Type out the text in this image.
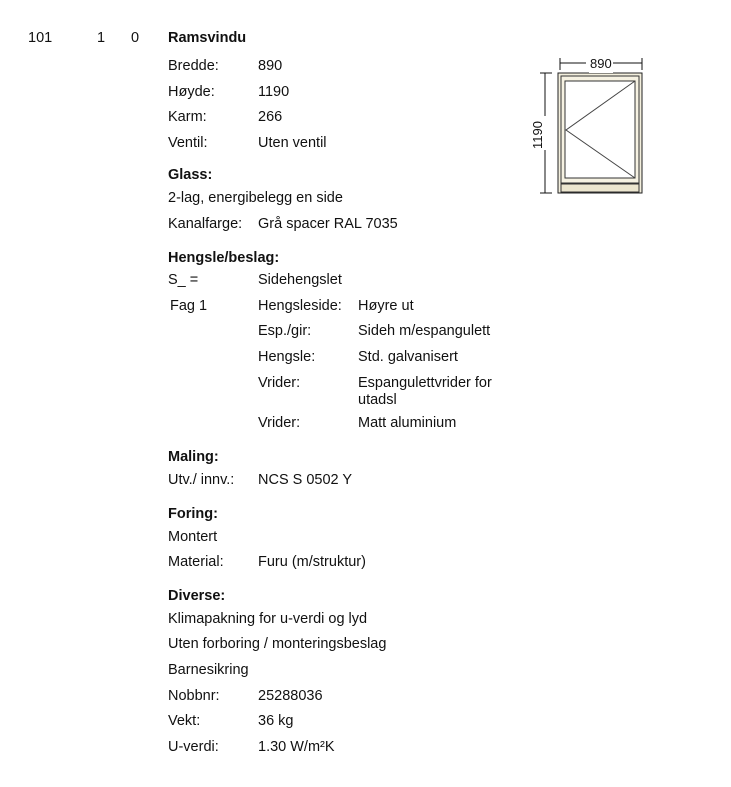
101	1 0 Ramsvindu
Bredde:	890
Høyde:	1190
Karm:	266
Ventil:	Uten ventil
Glass:
2-lag, energibelegg en side
Kanalfarge: Grå spacer RAL 7035
Hengsle/beslag:
S_ =	Sidehengslet
Fag 1	Hengsleside: Høyre ut
Esp./gir:	Sideh m/espangulett
Hengsle:	Std. galvanisert
Vrider:	Espangulettvrider for
utadsl
Vrider:	Matt aluminium
Maling:
Utv./ innv.: NCS S 0502 Y
Foring:
Montert
Material: Furu (m/struktur)
Diverse:
Klimapakning for u-verdi og lyd
Uten forboring / monteringsbeslag
Barnesikring
Nobbnr:	25288036
Vekt:	36 kg
U-verdi:	1.30 W/m²K
890
1190
